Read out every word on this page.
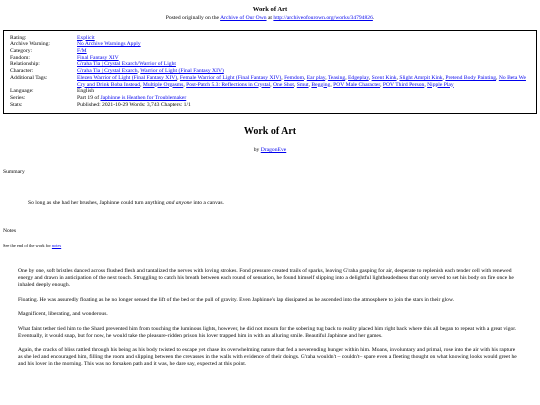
Work of Art
Posted originally on the Archive of Our Own at http://archiveofourown.org/works/34794826.
Rating:	Explicit
Archive Warning:	No Archive Warnings Apply
Category:	F/M
Fandom:	Final Fantasy XIV
Relationship:	G'raha Tia | Crystal Exarch/Warrior of Light
Character:	G'raha Tia | Crystal Exarch, Warrior of Light (Final Fantasy XIV)
Additional Tags:	Elezen Warrior of Light (Final Fantasy XIV), Female Warrior of Light (Final Fantasy XIV), Femdom, Ear play, Teasing, Edgeplay, Scent Kink, Slight Amrpit Kink, Pretend Body Painting, No Beta We Cry and Drink Boba Instead, Multiple Orgasms, Post-Patch 5.3: Reflections in Crystal, One Shot, Smut, Begging, POV Male Character, POV Third Person, Nipple Play
Language:	English
Series:	Part 19 of Japhinne is Heathen for Troublemaker
Stats:	Published: 2021-10-29 Words: 3,743 Chapters: 1/1
Work of Art
by DragonEve
Summary
So long as she had her brushes, Japhinne could turn anything and anyone into a canvas.
Notes
See the end of the work for notes

One by one, soft bristles danced across flushed flesh and tantalized the nerves with loving strokes. Fond pressure created trails of sparks, leaving G'raha gasping for air, desperate to replenish each tender cell with renewed energy and drawn in anticipation of the next touch. Struggling to catch his breath between each round of sensation, he found himself slipping into a delightful lightheadedness that only served to set his body on fire once he inhaled deeply enough.

Floating. He was assuredly floating as he no longer sensed the lift of the bed or the pull of gravity. Even Japhinne's lap dissipated as he ascended into the atmosphere to join the stars in their glow.

Magnificent, liberating, and wonderous.

What faint tether tied him to the Shard prevented him from touching the luminous lights, however, he did not mourn for the sobering tug back to reality placed him right back where this all began to repeat with a great vigor. Eventually, it would snap, but for now, he would take the pleasure-ridden prison his lover trapped him in with an alluring smile. Beautiful Japhinne and her games.

Again, the cracks of bliss rattled through his being as his body twisted to escape yet chase its overwhelming nature that fed a neverending hunger within him. Moans, involuntary and primal, rose into the air with his rapture as she led and encouraged him, filling the room and slipping between the crevasses in the walls with evidence of their doings. G'raha wouldn't – couldn't– spare even a fleeting thought on what knowing looks would greet he and his lover in the morning. This was no forsaken path and it was, he dare say, expected at this point.
